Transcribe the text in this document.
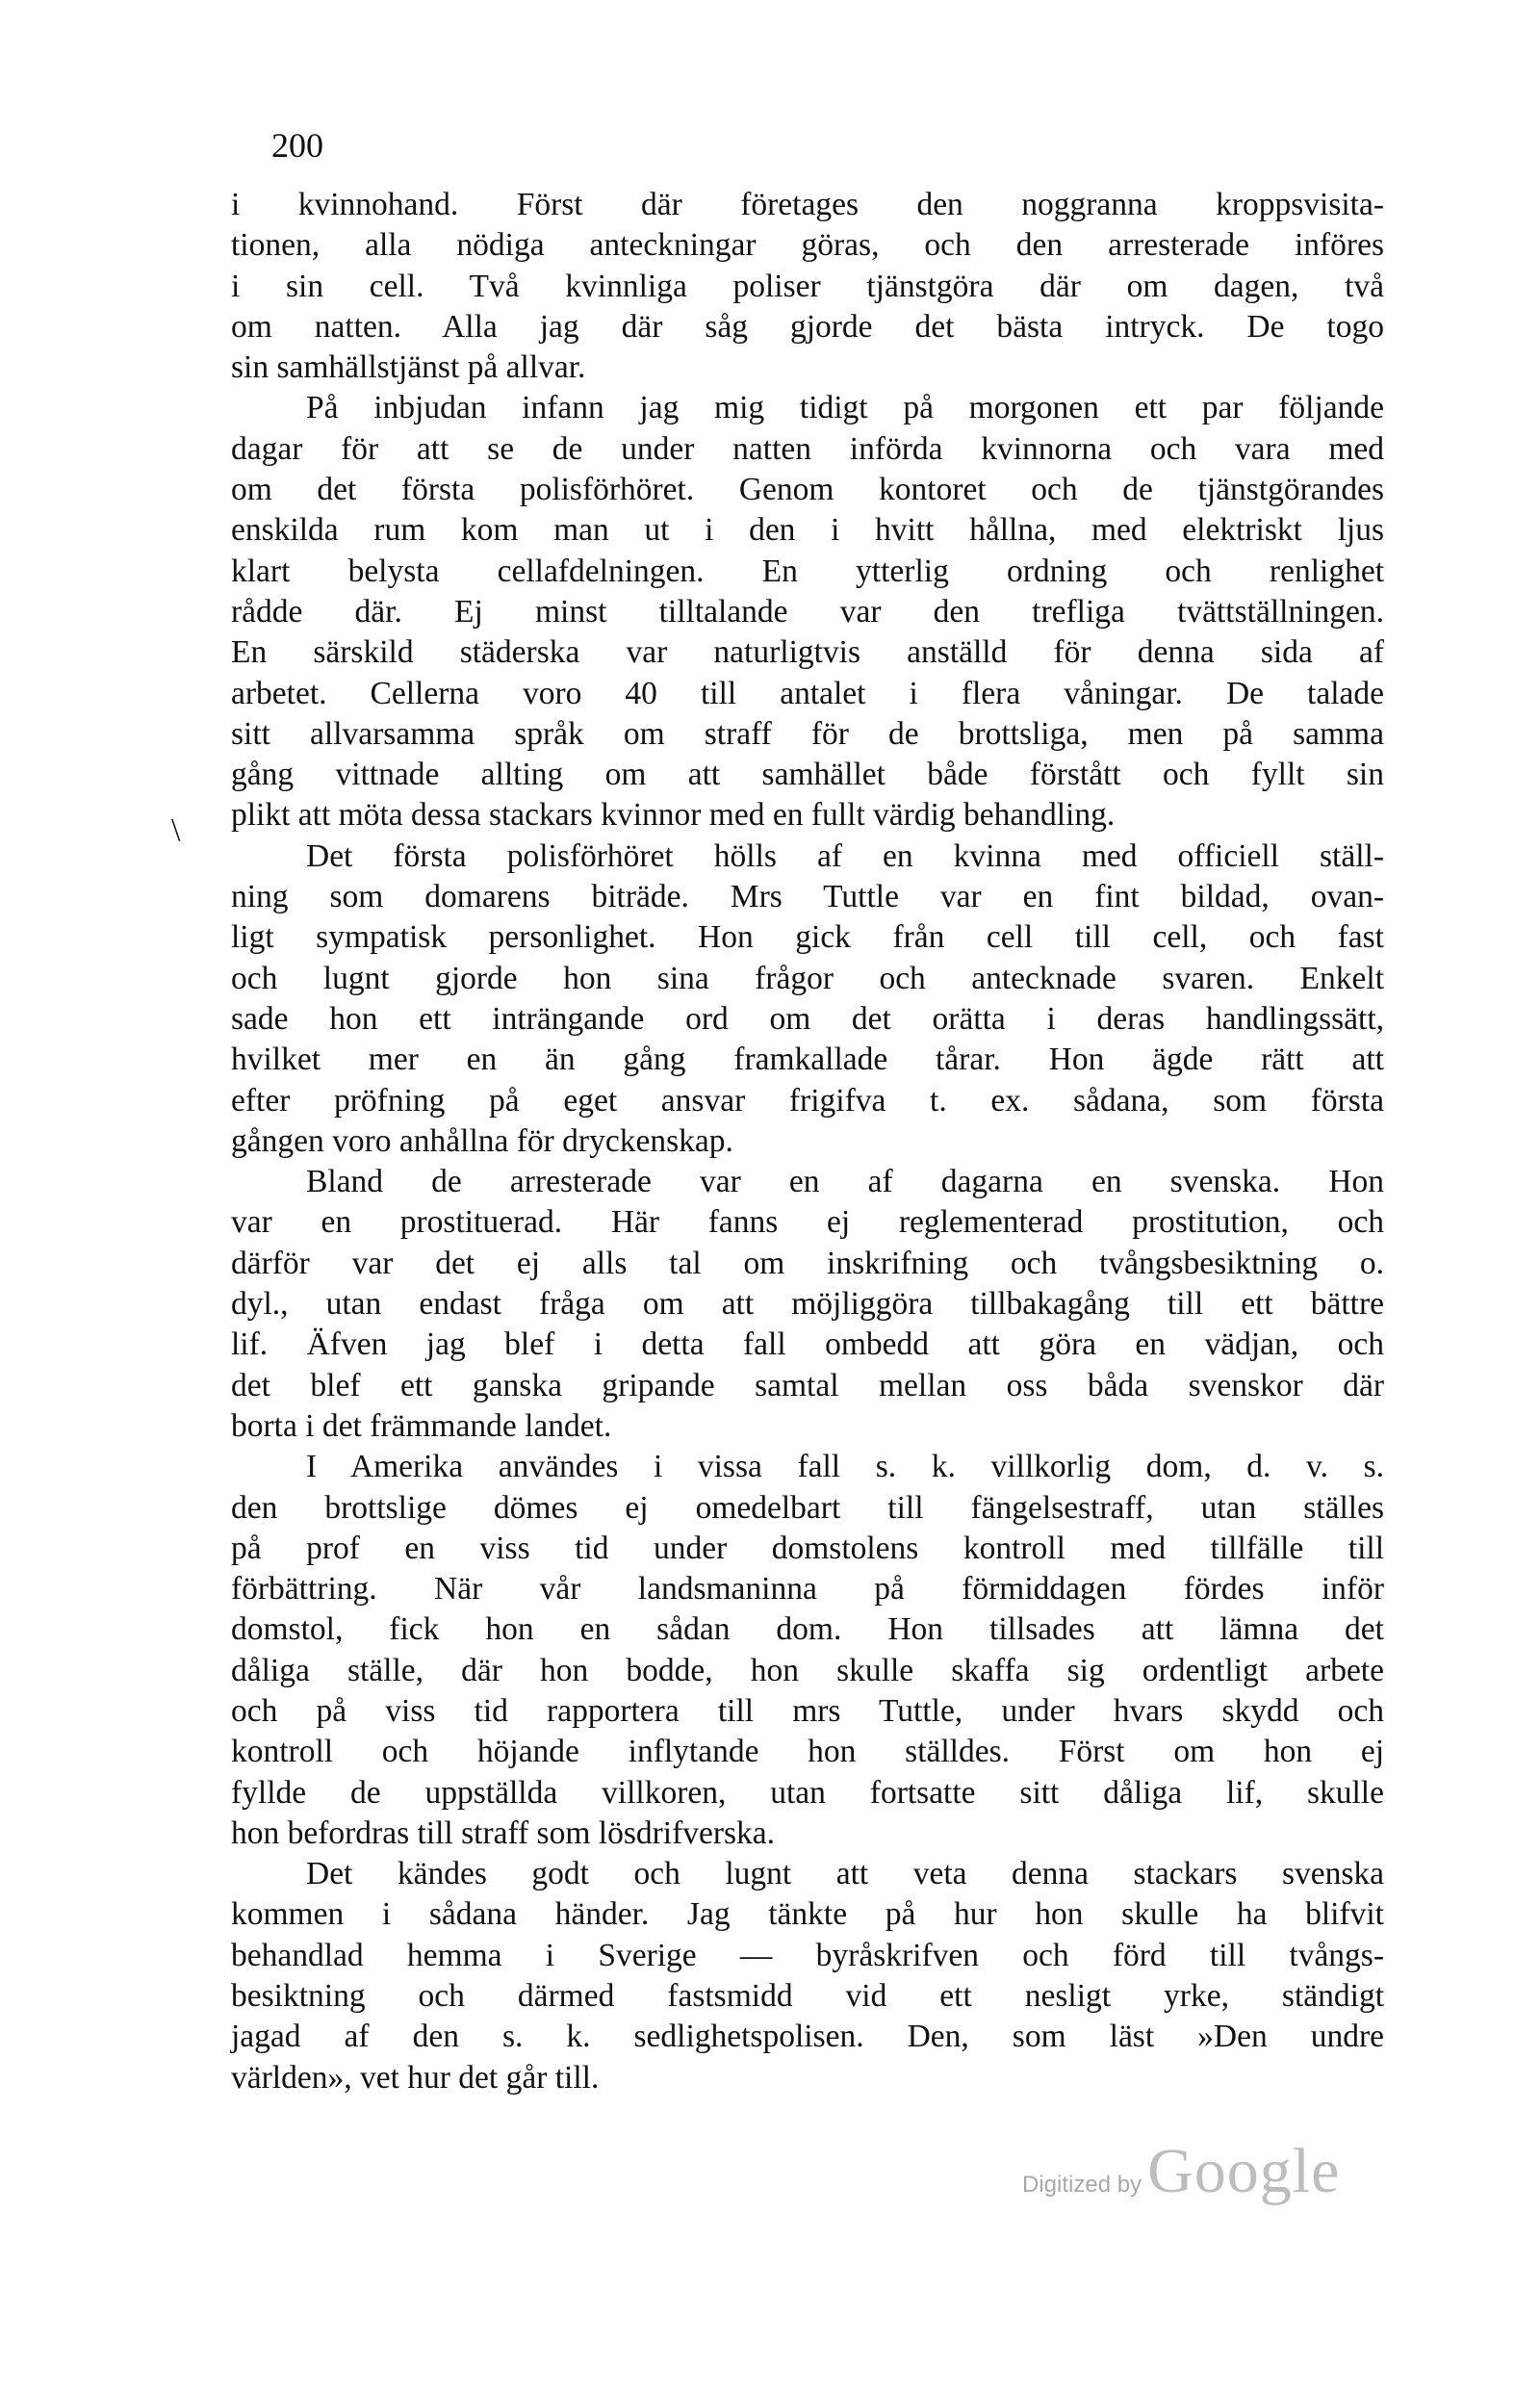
200
\

i kvinnohand. Först där företages den noggranna kroppsvisita-
tionen, alla nödiga anteckningar göras, och den arresterade införes
i sin cell. Två kvinnliga poliser tjänstgöra där om dagen, två
om natten. Alla jag där såg gjorde det bästa intryck. De togo
sin samhällstjänst på allvar.

På inbjudan infann jag mig tidigt på morgonen ett par följande
dagar för att se de under natten införda kvinnorna och vara med
om det första polisförhöret. Genom kontoret och de tjänstgörandes
enskilda rum kom man ut i den i hvitt hållna, med elektriskt ljus
klart belysta cellafdelningen. En ytterlig ordning och renlighet
rådde där. Ej minst tilltalande var den trefliga tvättställningen.
En särskild städerska var naturligtvis anställd för denna sida af
arbetet. Cellerna voro 40 till antalet i flera våningar. De talade
sitt allvarsamma språk om straff för de brottsliga, men på samma
gång vittnade allting om att samhället både förstått och fyllt sin
plikt att möta dessa stackars kvinnor med en fullt värdig behandling.

Det första polisförhöret hölls af en kvinna med officiell ställ-
ning som domarens biträde. Mrs Tuttle var en fint bildad, ovan-
ligt sympatisk personlighet. Hon gick från cell till cell, och fast
och lugnt gjorde hon sina frågor och antecknade svaren. Enkelt
sade hon ett inträngande ord om det orätta i deras handlingssätt,
hvilket mer en än gång framkallade tårar. Hon ägde rätt att
efter pröfning på eget ansvar frigifva t. ex. sådana, som första
gången voro anhållna för dryckenskap.

Bland de arresterade var en af dagarna en svenska. Hon
var en prostituerad. Här fanns ej reglementerad prostitution, och
därför var det ej alls tal om inskrifning och tvångsbesiktning o.
dyl., utan endast fråga om att möjliggöra tillbakagång till ett bättre
lif. Äfven jag blef i detta fall ombedd att göra en vädjan, och
det blef ett ganska gripande samtal mellan oss båda svenskor där
borta i det främmande landet.

I Amerika användes i vissa fall s. k. villkorlig dom, d. v. s.
den brottslige dömes ej omedelbart till fängelsestraff, utan ställes
på prof en viss tid under domstolens kontroll med tillfälle till
förbättring. När vår landsmaninna på förmiddagen fördes inför
domstol, fick hon en sådan dom. Hon tillsades att lämna det
dåliga ställe, där hon bodde, hon skulle skaffa sig ordentligt arbete
och på viss tid rapportera till mrs Tuttle, under hvars skydd och
kontroll och höjande inflytande hon ställdes. Först om hon ej
fyllde de uppställda villkoren, utan fortsatte sitt dåliga lif, skulle
hon befordras till straff som lösdrifverska.

Det kändes godt och lugnt att veta denna stackars svenska
kommen i sådana händer. Jag tänkte på hur hon skulle ha blifvit
behandlad hemma i Sverige — byråskrifven och förd till tvångs-
besiktning och därmed fastsmidd vid ett nesligt yrke, ständigt
jagad af den s. k. sedlighetspolisen. Den, som läst »Den undre
världen», vet hur det går till.

Digitized by Google
